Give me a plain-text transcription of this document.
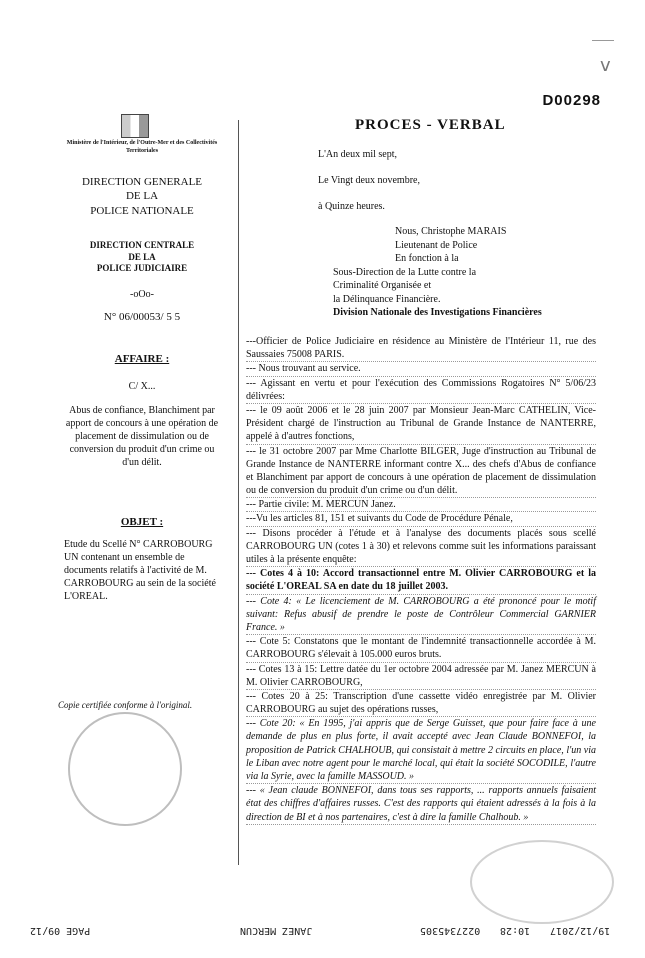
v
D00298
PROCES - VERBAL
Ministère de l'Intérieur, de l'Outre-Mer et des Collectivités Territoriales
DIRECTION GENERALE
DE LA
POLICE NATIONALE
DIRECTION CENTRALE
DE LA
POLICE JUDICIAIRE
-oOo-
N° 06/00053/ 5 5
AFFAIRE :
C/ X...
Abus de confiance, Blanchiment par apport de concours à une opération de placement de dissimulation ou de conversion du produit d'un crime ou d'un délit.
OBJET :
Etude du Scellé N° CARROBOURG UN contenant un ensemble de documents relatifs à l'activité de M. CARROBOURG au sein de la société L'OREAL.
Copie certifiée conforme à l'original.
L'An deux mil sept,
Le Vingt deux novembre,
à Quinze heures.
Nous, Christophe MARAIS
Lieutenant de Police
En fonction à la
Sous-Direction de la Lutte contre la
Criminalité Organisée et
la Délinquance Financière.
Division Nationale des Investigations Financières

---Officier de Police Judiciaire en résidence au Ministère de l'Intérieur 11, rue des Saussaies 75008 PARIS.

--- Nous trouvant au service.

--- Agissant en vertu et pour l'exécution des Commissions Rogatoires N° 5/06/23 délivrées:

--- le 09 août 2006 et le 28 juin 2007 par Monsieur Jean-Marc CATHELIN, Vice-Président chargé de l'instruction au Tribunal de Grande Instance de NANTERRE, appelé à d'autres fonctions,

--- le 31 octobre 2007 par Mme Charlotte BILGER, Juge d'instruction au Tribunal de Grande Instance de NANTERRE informant contre X... des chefs d'Abus de confiance et Blanchiment par apport de concours à une opération de placement de dissimulation ou de conversion du produit d'un crime ou d'un délit.

--- Partie civile: M. MERCUN Janez.

---Vu les articles 81, 151 et suivants du Code de Procédure Pénale,

--- Disons procéder à l'étude et à l'analyse des documents placés sous scellé CARROBOURG UN (cotes 1 à 30) et relevons comme suit les informations paraissant utiles à la présente enquête:

--- Cotes 4 à 10: Accord transactionnel entre M. Olivier CARROBOURG et la société L'OREAL SA en date du 18 juillet 2003.

--- Cote 4: « Le licenciement de M. CARROBOURG a été prononcé pour le motif suivant: Refus abusif de prendre le poste de Contrôleur Commercial GARNIER France. »

--- Cote 5: Constatons que le montant de l'indemnité transactionnelle accordée à M. CARROBOURG s'élevait à 105.000 euros bruts.

--- Cotes 13 à 15: Lettre datée du 1er octobre 2004 adressée par M. Janez MERCUN à M. Olivier CARROBOURG,

--- Cotes 20 à 25: Transcription d'une cassette vidéo enregistrée par M. Olivier CARROBOURG au sujet des opérations russes,

--- Cote 20: « En 1995, j'ai appris que de Serge Guisset, que pour faire face à une demande de plus en plus forte, il avait accepté avec Jean Claude BONNEFOI, la proposition de Patrick CHALHOUB, qui consistait à mettre 2 circuits en place, l'un via le Liban avec notre agent pour le marché local, qui était la société SOCODILE, l'autre via la Syrie, avec la famille MASSOUD. »

--- « Jean claude BONNEFOI, dans tous ses rapports, ... rapports annuels faisaient état des chiffres d'affaires russes. C'est des rapports qui étaient adressés à la fois à la direction de BI et à nos partenaires, c'est à dire la famille Chalhoub. »

PAGE 09/12	JANEZ MERCUN	0227345305 10:28 19/12/2017
